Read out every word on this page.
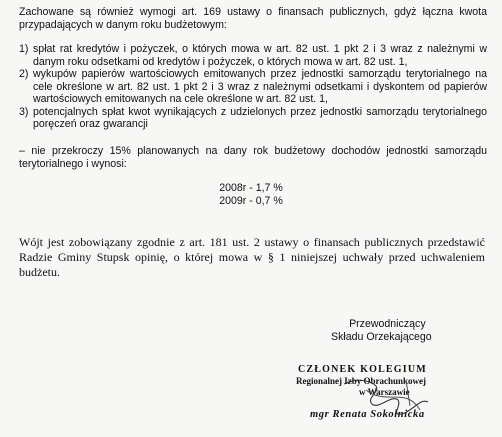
Zachowane są również wymogi art. 169 ustawy o finansach publicznych, gdyż łączna kwota przypadających w danym roku budżetowym:
1) spłat rat kredytów i pożyczek, o których mowa w art. 82 ust. 1 pkt 2 i 3 wraz z należnymi w danym roku odsetkami od kredytów i pożyczek, o których mowa w art. 82 ust. 1,
2) wykupów papierów wartościowych emitowanych przez jednostki samorządu terytorialnego na cele określone w art. 82 ust. 1 pkt 2 i 3 wraz z należnymi odsetkami i dyskontem od papierów wartościowych emitowanych na cele określone w art. 82 ust. 1,
3) potencjalnych spłat kwot wynikających z udzielonych przez jednostki samorządu terytorialnego poręczeń oraz gwarancji
– nie przekroczy 15% planowanych na dany rok budżetowy dochodów jednostki samorządu terytorialnego i wynosi:
2008r - 1,7 %
2009r - 0,7 %
Wójt jest zobowiązany zgodnie z art. 181 ust. 2 ustawy o finansach publicznych przedstawić Radzie Gminy Stupsk opinię, o której mowa w § 1 niniejszej uchwały przed uchwaleniem budżetu.
Przewodniczący
Składu Orzekającego
CZŁONEK KOLEGIUM
Regionalnej Izby Obrachunkowej
w Warszawie
mgr Renata Sokolnicka
